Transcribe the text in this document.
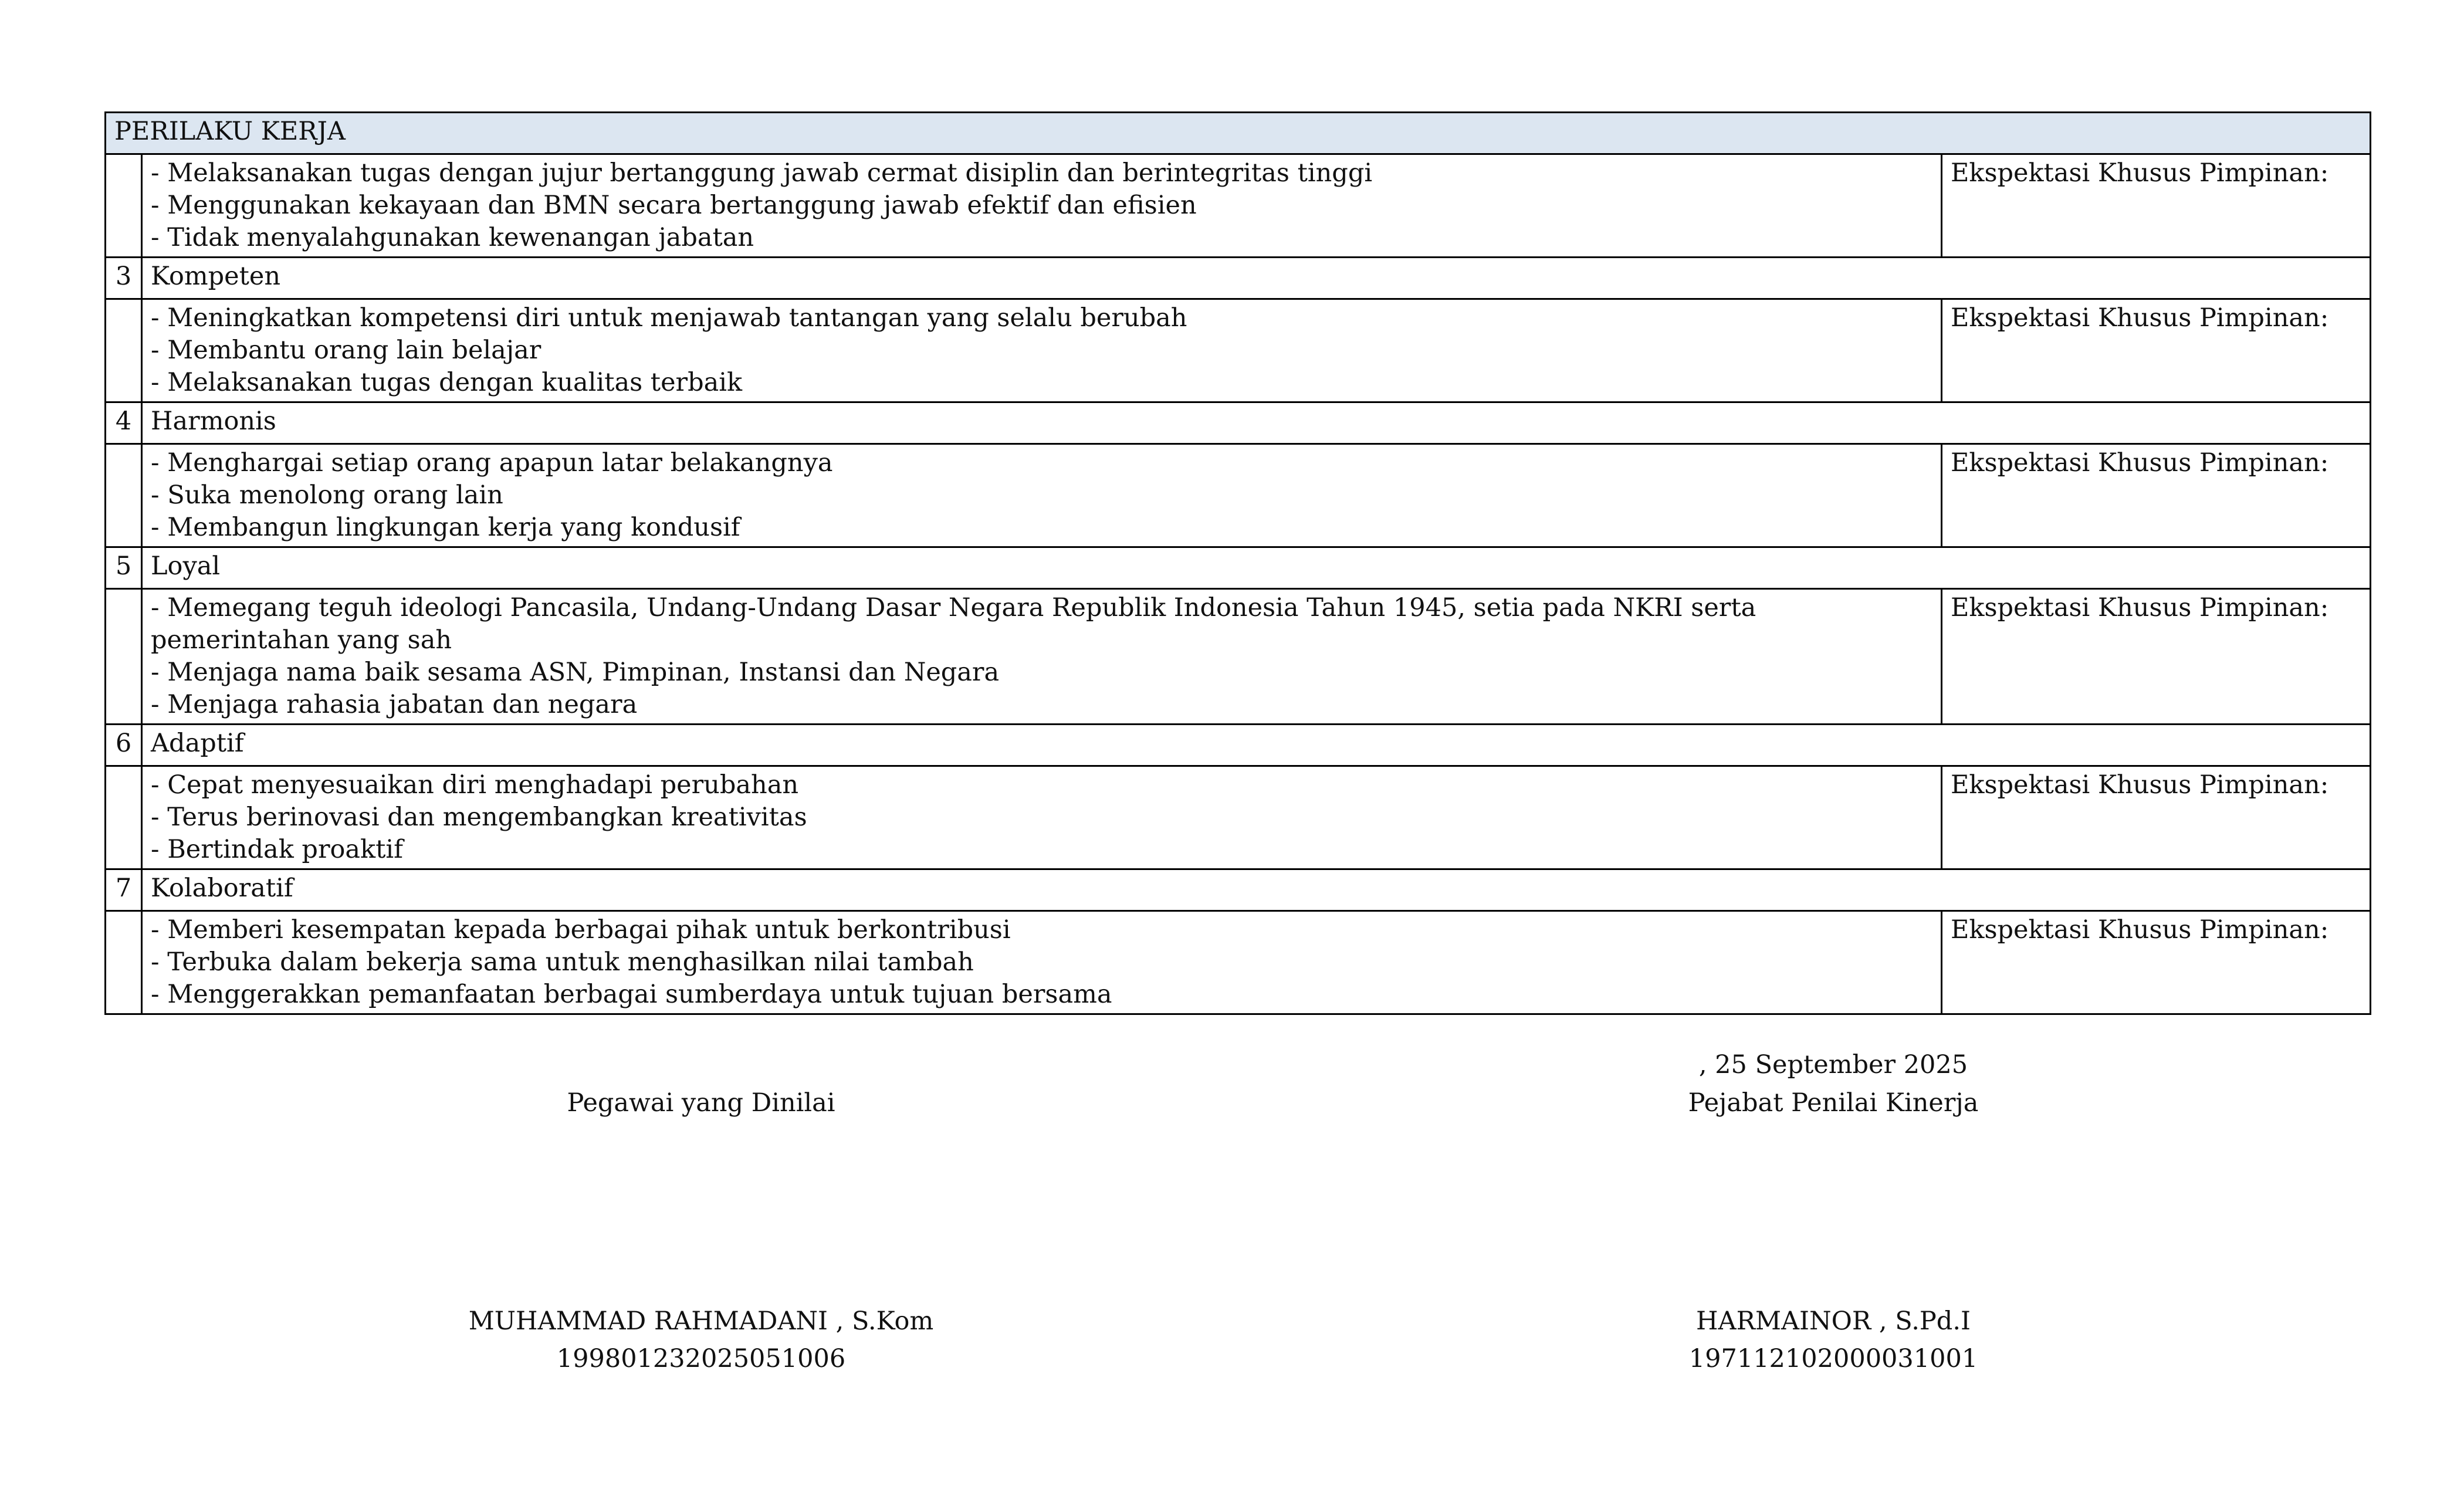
PERILAKU KERJA		

	- Melaksanakan tugas dengan jujur bertanggung jawab cermat disiplin dan berintegritas tinggi
- Menggunakan kekayaan dan BMN secara bertanggung jawab efektif dan efisien
- Tidak menyalahgunakan kewenangan jabatan	Ekspektasi Khusus Pimpinan:
3	Kompeten	

	- Meningkatkan kompetensi diri untuk menjawab tantangan yang selalu berubah
- Membantu orang lain belajar
- Melaksanakan tugas dengan kualitas terbaik	Ekspektasi Khusus Pimpinan:
4	Harmonis	

	- Menghargai setiap orang apapun latar belakangnya
- Suka menolong orang lain
- Membangun lingkungan kerja yang kondusif	Ekspektasi Khusus Pimpinan:
5	Loyal	

	- Memegang teguh ideologi Pancasila, Undang-Undang Dasar Negara Republik Indonesia Tahun 1945, setia pada NKRI serta
pemerintahan yang sah
- Menjaga nama baik sesama ASN, Pimpinan, Instansi dan Negara
- Menjaga rahasia jabatan dan negara	Ekspektasi Khusus Pimpinan:
6	Adaptif	

	- Cepat menyesuaikan diri menghadapi perubahan
- Terus berinovasi dan mengembangkan kreativitas
- Bertindak proaktif	Ekspektasi Khusus Pimpinan:
7	Kolaboratif	

	- Memberi kesempatan kepada berbagai pihak untuk berkontribusi
- Terbuka dalam bekerja sama untuk menghasilkan nilai tambah
- Menggerakkan pemanfaatan berbagai sumberdaya untuk tujuan bersama	Ekspektasi Khusus Pimpinan:
, 25 September 2025
Pegawai yang Dinilai	Pejabat Penilai Kinerja
MUHAMMAD RAHMADANI , S.Kom
199801232025051006
HARMAINOR , S.Pd.I
197112102000031001
